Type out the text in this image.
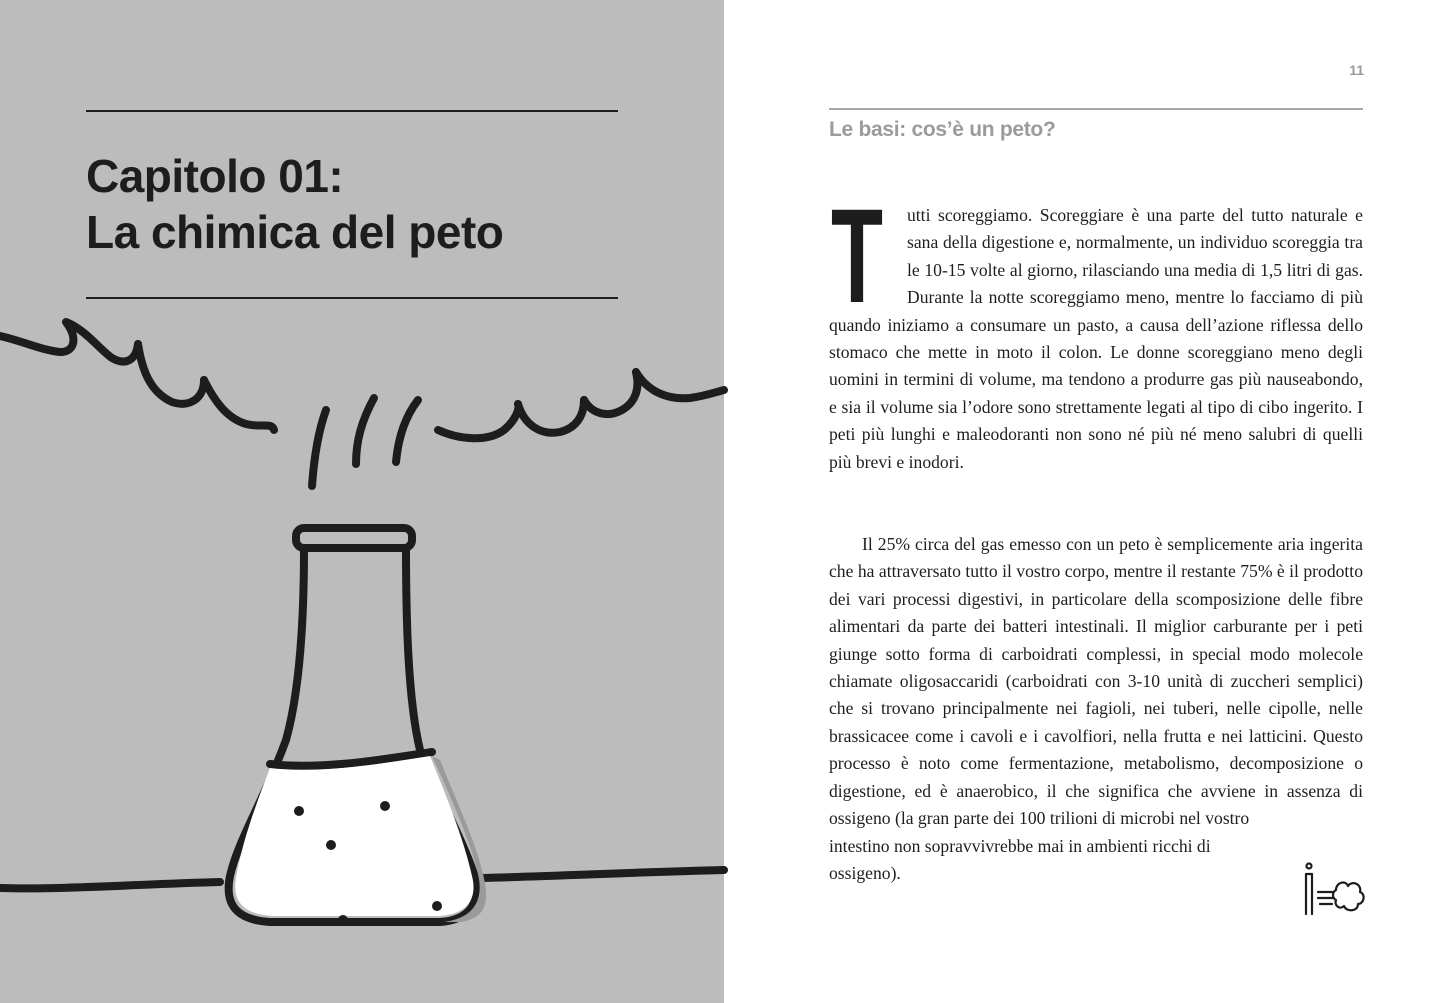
Capitolo 01:
La chimica del peto
11
Le basi: cos’è un peto?
T	utti scoreggiamo. Scoreggiare è una parte del tutto naturale e sana della digestione e, normalmente, un individuo scoreggia tra le 10-15 volte al giorno, rilasciando una media di 1,5 litri di gas. Durante la notte scoreggiamo meno, mentre lo facciamo di più quando iniziamo a consumare un pasto, a causa dell’azione riflessa dello stomaco che mette in moto il colon. Le donne scoreggiano meno degli uomini in termini di volume, ma tendono a produrre gas più nauseabondo, e sia il volume sia l’odore sono strettamente legati al tipo di cibo ingerito. I peti più lunghi e maleodoranti non sono né più né meno salubri di quelli più brevi e inodori.

Il 25% circa del gas emesso con un peto è semplicemente aria ingerita che ha attraversato tutto il vostro corpo, mentre il restante 75% è il prodotto dei vari processi digestivi, in particolare della scomposizione delle fibre alimentari da parte dei batteri intestinali. Il miglior carburante per i peti giunge sotto forma di carboidrati complessi, in special modo molecole chiamate oligosaccaridi (carboidrati con 3-10 unità di zuccheri semplici) che si trovano principalmente nei fagioli, nei tuberi, nelle cipolle, nelle brassicacee come i cavoli e i cavolfiori, nella frutta e nei latticini. Questo processo è noto come fermentazione, metabolismo, decomposizione o digestione, ed è anaerobico, il che significa che avviene in assenza di ossigeno (la gran parte dei 100 trilioni di microbi nel vostro

intestino non sopravvivrebbe mai in ambienti ricchi di ossigeno).
